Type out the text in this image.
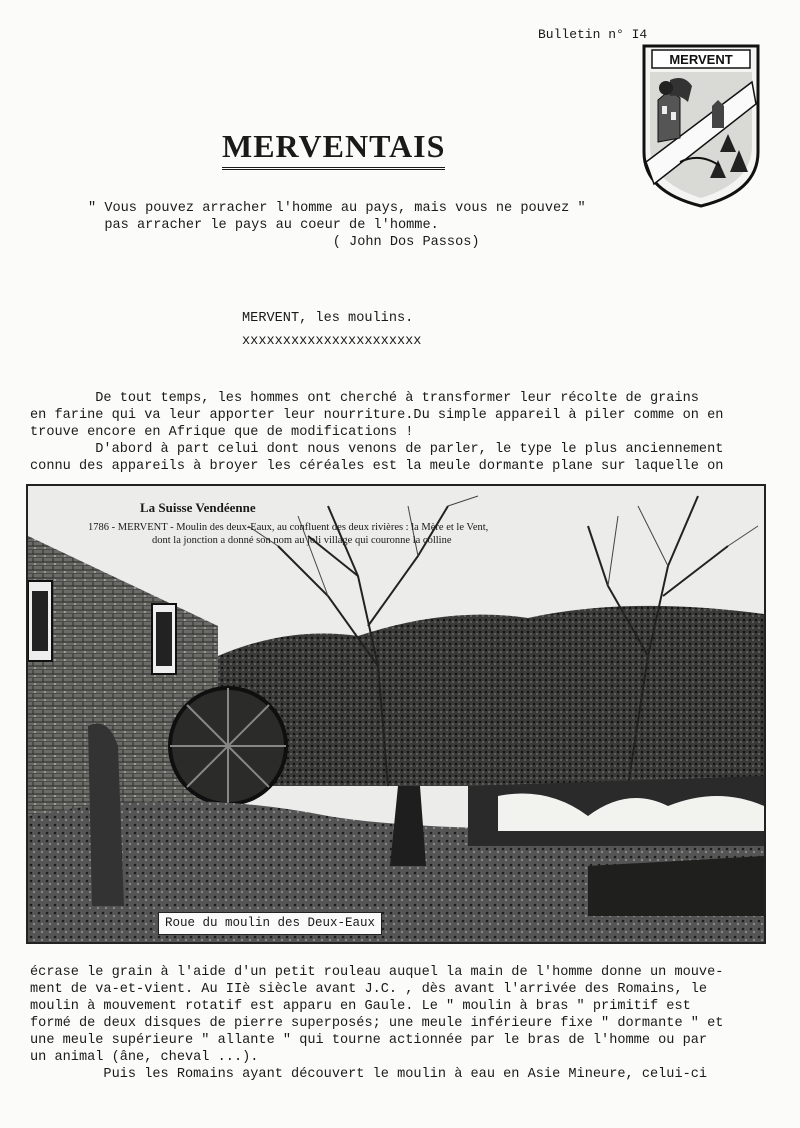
Bulletin n° I4
MERVENT
MERVENTAIS
" Vous pouvez arracher l'homme au pays, mais vous ne pouvez "
pas arracher le pays au coeur de l'homme.
( John Dos Passos)
MERVENT, les moulins.
xxxxxxxxxxxxxxxxxxxxxx
De tout temps, les hommes ont cherché à transformer leur récolte de grains
en farine qui va leur apporter leur nourriture.Du simple appareil à piler comme on en
trouve encore en Afrique que de modifications !
D'abord à part celui dont nous venons de parler, le type le plus anciennement
connu des appareils à broyer les céréales est la meule dormante plane sur laquelle on
La Suisse Vendéenne
1786 - MERVENT - Moulin des deux-Eaux, au confluent des deux rivières : la Mère et le Vent,
dont la jonction a donné son nom au joli village qui couronne la colline
Roue du moulin des Deux-Eaux
écrase le grain à l'aide d'un petit rouleau auquel la main de l'homme donne un mouve-
ment de va-et-vient. Au IIè siècle avant J.C. , dès avant l'arrivée des Romains, le
moulin à mouvement rotatif est apparu en Gaule. Le " moulin à bras " primitif est
formé de deux disques de pierre superposés; une meule inférieure fixe " dormante " et
une meule supérieure " allante " qui tourne actionnée par le bras de l'homme ou par
un animal (âne, cheval ...).
Puis les Romains ayant découvert le moulin à eau en Asie Mineure, celui-ci
